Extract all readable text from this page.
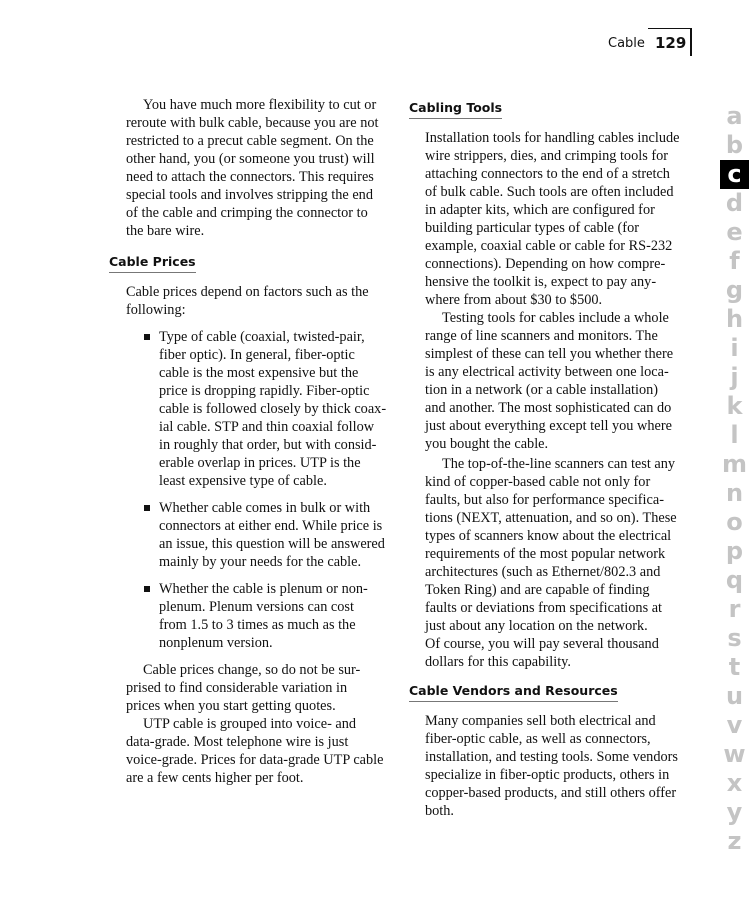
Cable 129
a
b
c
d
e
f
g
h
i
j
k
l
m
n
o
p
q
r
s
t
u
v
w
x
y
z
You have much more flexibility to cut or
reroute with bulk cable, because you are not
restricted to a precut cable segment. On the
other hand, you (or someone you trust) will
need to attach the connectors. This requires
special tools and involves stripping the end
of the cable and crimping the connector to
the bare wire.
Cable Prices
Cable prices depend on factors such as the
following:
Type of cable (coaxial, twisted-pair,
fiber optic). In general, fiber-optic
cable is the most expensive but the
price is dropping rapidly. Fiber-optic
cable is followed closely by thick coax-
ial cable. STP and thin coaxial follow
in roughly that order, but with consid-
erable overlap in prices. UTP is the
least expensive type of cable.
Whether cable comes in bulk or with
connectors at either end. While price is
an issue, this question will be answered
mainly by your needs for the cable.
Whether the cable is plenum or non-
plenum. Plenum versions can cost
from 1.5 to 3 times as much as the
nonplenum version.
Cable prices change, so do not be sur-
prised to find considerable variation in
prices when you start getting quotes.
UTP cable is grouped into voice- and
data-grade. Most telephone wire is just
voice-grade. Prices for data-grade UTP cable
are a few cents higher per foot.
Cabling Tools
Installation tools for handling cables include
wire strippers, dies, and crimping tools for
attaching connectors to the end of a stretch
of bulk cable. Such tools are often included
in adapter kits, which are configured for
building particular types of cable (for
example, coaxial cable or cable for RS-232
connections). Depending on how compre-
hensive the toolkit is, expect to pay any-
where from about $30 to $500.
Testing tools for cables include a whole
range of line scanners and monitors. The
simplest of these can tell you whether there
is any electrical activity between one loca-
tion in a network (or a cable installation)
and another. The most sophisticated can do
just about everything except tell you where
you bought the cable.
The top-of-the-line scanners can test any
kind of copper-based cable not only for
faults, but also for performance specifica-
tions (NEXT, attenuation, and so on). These
types of scanners know about the electrical
requirements of the most popular network
architectures (such as Ethernet/802.3 and
Token Ring) and are capable of finding
faults or deviations from specifications at
just about any location on the network.
Of course, you will pay several thousand
dollars for this capability.
Cable Vendors and Resources
Many companies sell both electrical and
fiber-optic cable, as well as connectors,
installation, and testing tools. Some vendors
specialize in fiber-optic products, others in
copper-based products, and still others offer
both.
